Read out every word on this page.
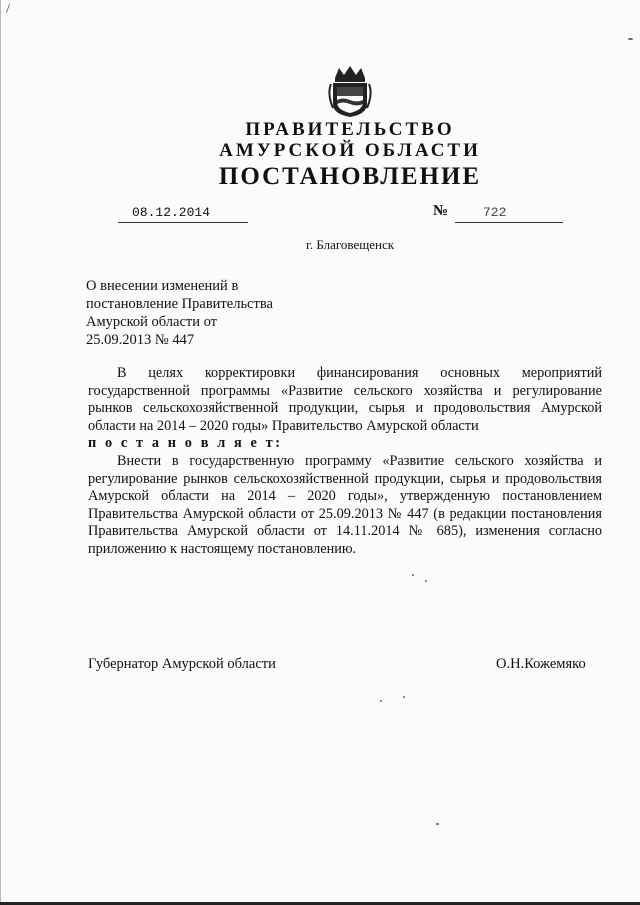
/
ПРАВИТЕЛЬСТВО
АМУРСКОЙ ОБЛАСТИ
ПОСТАНОВЛЕНИЕ
08.12.2014	№	722
г. Благовещенск
О внесении изменений в
постановление Правительства
Амурской области от
25.09.2013 № 447

В целях корректировки финансирования основных мероприятий государственной программы «Развитие сельского хозяйства и регулирование рынков сельскохозяйственной продукции, сырья и продовольствия Амурской области на 2014 – 2020 годы» Правительство Амурской области

п о с т а н о в л я е т:

Внести в государственную программу «Развитие сельского хозяйства и регулирование рынков сельскохозяйственной продукции, сырья и продовольствия Амурской области на 2014 – 2020 годы», утвержденную постановлением Правительства Амурской области от 25.09.2013 № 447 (в редакции постановления Правительства Амурской области от 14.11.2014 № 685), изменения согласно приложению к настоящему постановлению.

Губернатор Амурской области	О.Н.Кожемяко
